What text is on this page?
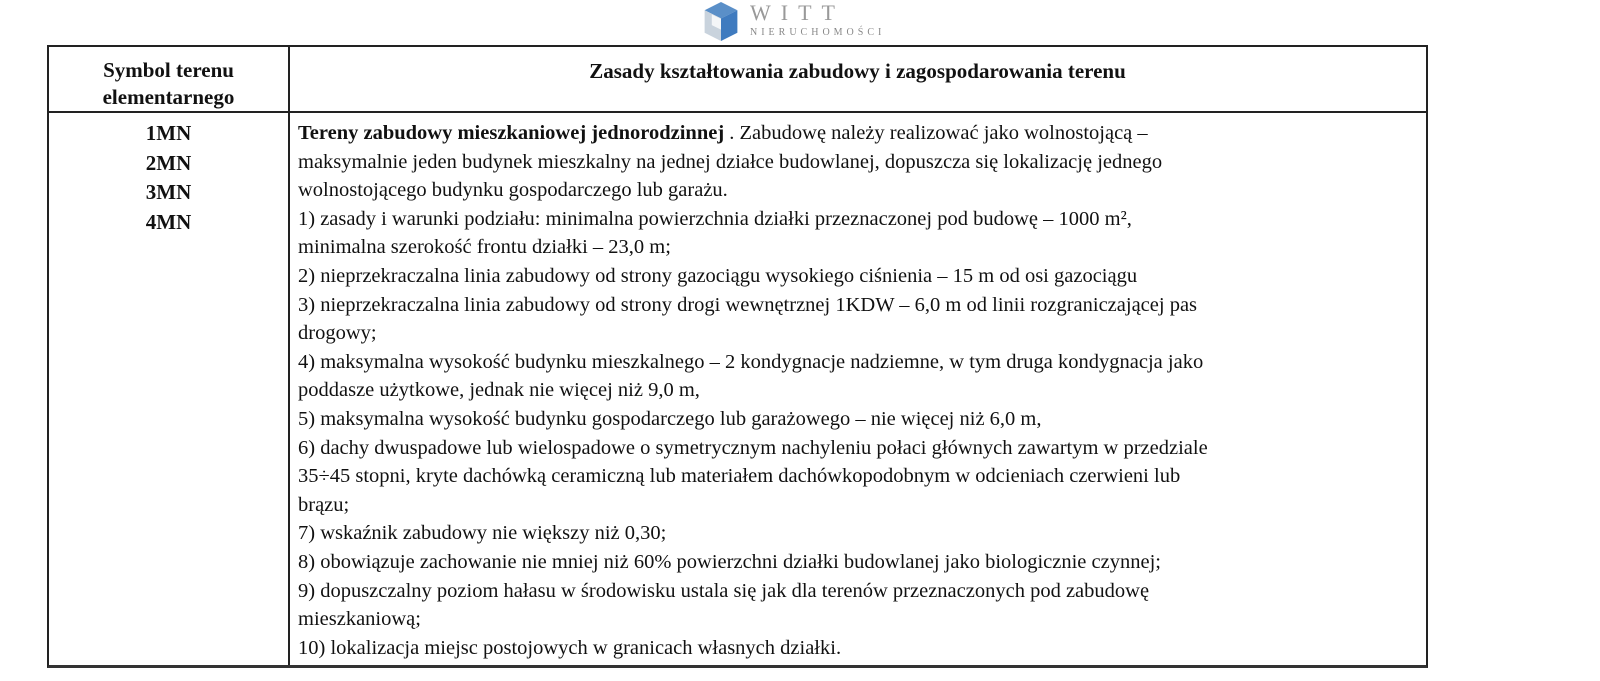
Symbol terenu
elementarnego
Zasady kształtowania zabudowy i zagospodarowania terenu
1MN
2MN
3MN
4MN
Tereny zabudowy mieszkaniowej jednorodzinnej . Zabudowę należy realizować jako wolnostojącą –
maksymalnie jeden budynek mieszkalny na jednej działce budowlanej, dopuszcza się lokalizację jednego
wolnostojącego budynku gospodarczego lub garażu.
1) zasady i warunki podziału: minimalna powierzchnia działki przeznaczonej pod budowę – 1000 m²,
minimalna szerokość frontu działki – 23,0 m;
2) nieprzekraczalna linia zabudowy od strony gazociągu wysokiego ciśnienia – 15 m od osi gazociągu
3) nieprzekraczalna linia zabudowy od strony drogi wewnętrznej 1KDW – 6,0 m od linii rozgraniczającej pas
drogowy;
4) maksymalna wysokość budynku mieszkalnego – 2 kondygnacje nadziemne, w tym druga kondygnacja jako
poddasze użytkowe, jednak nie więcej niż 9,0 m,
5) maksymalna wysokość budynku gospodarczego lub garażowego – nie więcej niż 6,0 m,
6) dachy dwuspadowe lub wielospadowe o symetrycznym nachyleniu połaci głównych zawartym w przedziale
35÷45 stopni, kryte dachówką ceramiczną lub materiałem dachówkopodobnym w odcieniach czerwieni lub
brązu;
7) wskaźnik zabudowy nie większy niż 0,30;
8) obowiązuje zachowanie nie mniej niż 60% powierzchni działki budowlanej jako biologicznie czynnej;
9) dopuszczalny poziom hałasu w środowisku ustala się jak dla terenów przeznaczonych pod zabudowę
mieszkaniową;
10) lokalizacja miejsc postojowych w granicach własnych działki.
WITT
NIERUCHOMOŚCI
